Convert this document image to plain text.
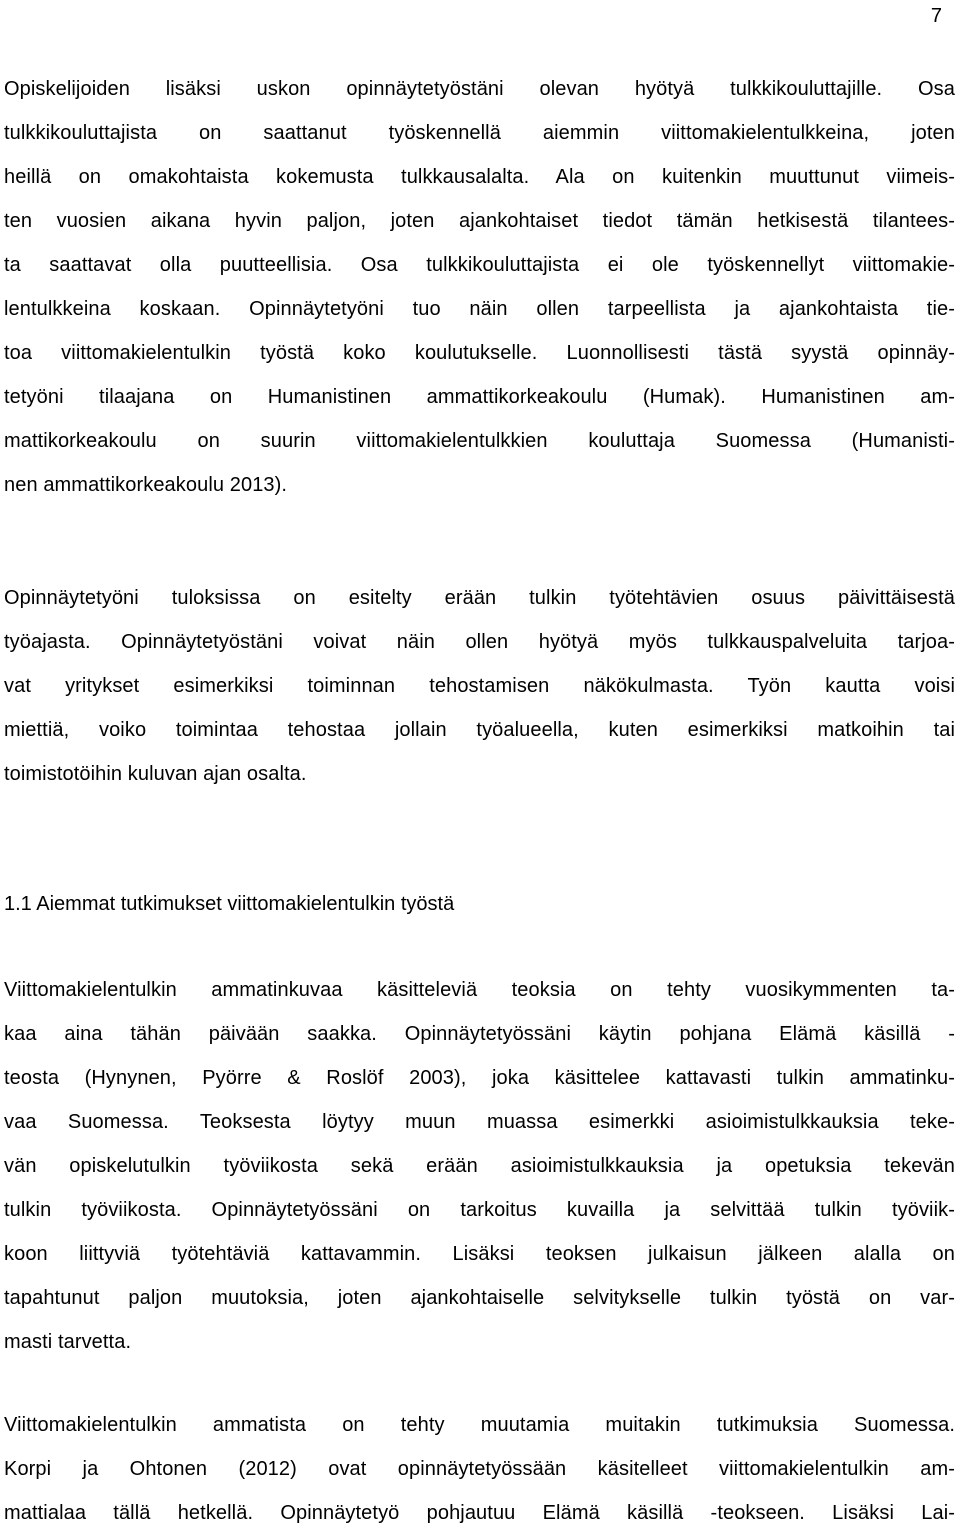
7
Opiskelijoiden lisäksi uskon opinnäytetyöstäni olevan hyötyä tulkkikouluttajille. Osa
tulkkikouluttajista on saattanut työskennellä aiemmin viittomakielentulkkeina, joten
heillä on omakohtaista kokemusta tulkkausalalta. Ala on kuitenkin muuttunut viimeis-
ten vuosien aikana hyvin paljon, joten ajankohtaiset tiedot tämän hetkisestä tilantees-
ta saattavat olla puutteellisia. Osa tulkkikouluttajista ei ole työskennellyt viittomakie-
lentulkkeina koskaan. Opinnäytetyöni tuo näin ollen tarpeellista ja ajankohtaista tie-
toa viittomakielentulkin työstä koko koulutukselle. Luonnollisesti tästä syystä opinnäy-
tetyöni tilaajana on Humanistinen ammattikorkeakoulu (Humak). Humanistinen am-
mattikorkeakoulu on suurin viittomakielentulkkien kouluttaja Suomessa (Humanisti-
nen ammattikorkeakoulu 2013).
Opinnäytetyöni tuloksissa on esitelty erään tulkin työtehtävien osuus päivittäisestä
työajasta. Opinnäytetyöstäni voivat näin ollen hyötyä myös tulkkauspalveluita tarjoa-
vat yritykset esimerkiksi toiminnan tehostamisen näkökulmasta. Työn kautta voisi
miettiä, voiko toimintaa tehostaa jollain työalueella, kuten esimerkiksi matkoihin tai
toimistotöihin kuluvan ajan osalta.
1.1 Aiemmat tutkimukset viittomakielentulkin työstä
Viittomakielentulkin ammatinkuvaa käsitteleviä teoksia on tehty vuosikymmenten ta-
kaa aina tähän päivään saakka. Opinnäytetyössäni käytin pohjana Elämä käsillä -
teosta (Hynynen, Pyörre & Roslöf 2003), joka käsittelee kattavasti tulkin ammatinku-
vaa Suomessa. Teoksesta löytyy muun muassa esimerkki asioimistulkkauksia teke-
vän opiskelutulkin työviikosta sekä erään asioimistulkkauksia ja opetuksia tekevän
tulkin työviikosta. Opinnäytetyössäni on tarkoitus kuvailla ja selvittää tulkin työviik-
koon liittyviä työtehtäviä kattavammin. Lisäksi teoksen julkaisun jälkeen alalla on
tapahtunut paljon muutoksia, joten ajankohtaiselle selvitykselle tulkin työstä on var-
masti tarvetta.
Viittomakielentulkin ammatista on tehty muutamia muitakin tutkimuksia Suomessa.
Korpi ja Ohtonen (2012) ovat opinnäytetyössään käsitelleet viittomakielentulkin am-
mattialaa tällä hetkellä. Opinnäytetyö pohjautuu Elämä käsillä -teokseen. Lisäksi Lai-
